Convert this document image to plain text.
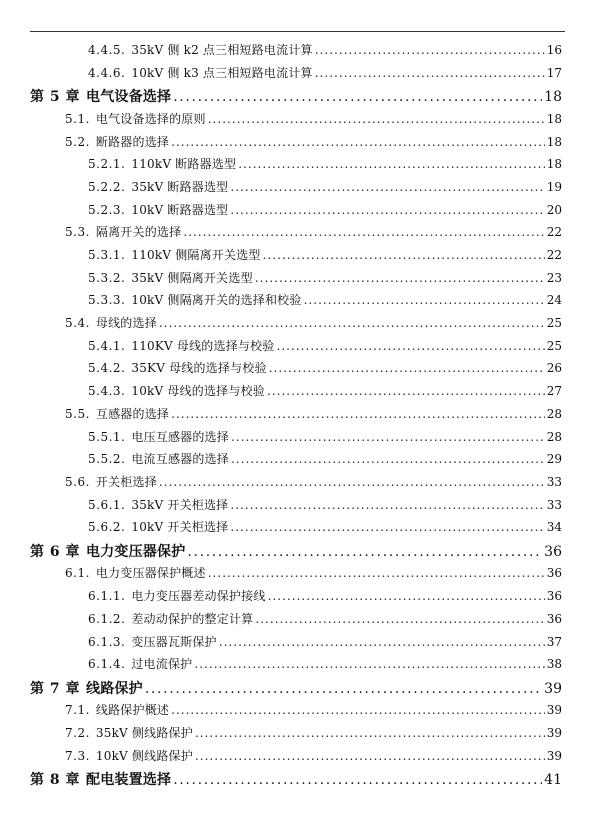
4.4.5. 35kV 侧 k2 点三相短路电流计算 . . .	16
4.4.6. 10kV 侧 k3 点三相短路电流计算 . . .	17
第 5 章 电气设备选择 . . .	18
5.1. 电气设备选择的原则 . . .	18
5.2. 断路器的选择 . . .	18
5.2.1. 110kV 断路器选型 . . .	18
5.2.2. 35kV 断路器选型 . . .	19
5.2.3. 10kV 断路器选型 . . .	20
5.3. 隔离开关的选择 . . .	22
5.3.1. 110kV 侧隔离开关选型 . . .	22
5.3.2. 35kV 侧隔离开关选型 . . .	23
5.3.3. 10kV 侧隔离开关的选择和校验 . . .	24
5.4. 母线的选择 . . .	25
5.4.1. 110KV 母线的选择与校验 . . .	25
5.4.2. 35KV 母线的选择与校验 . . .	26
5.4.3. 10kV 母线的选择与校验 . . .	27
5.5. 互感器的选择 . . .	28
5.5.1. 电压互感器的选择 . . .	28
5.5.2. 电流互感器的选择 . . .	29
5.6. 开关柜选择 . . .	33
5.6.1. 35kV 开关柜选择 . . .	33
5.6.2. 10kV 开关柜选择 . . .	34
第 6 章 电力变压器保护 . . .	36
6.1. 电力变压器保护概述 . . .	36
6.1.1. 电力变压器差动保护接线 . . .	36
6.1.2. 差动动保护的整定计算 . . .	36
6.1.3. 变压器瓦斯保护 . . .	37
6.1.4. 过电流保护 . . .	38
第 7 章 线路保护 . . .	39
7.1. 线路保护概述 . . .	39
7.2. 35kV 侧线路保护 . . .	39
7.3. 10kV 侧线路保护 . . .	39
第 8 章 配电装置选择 . . .	41
